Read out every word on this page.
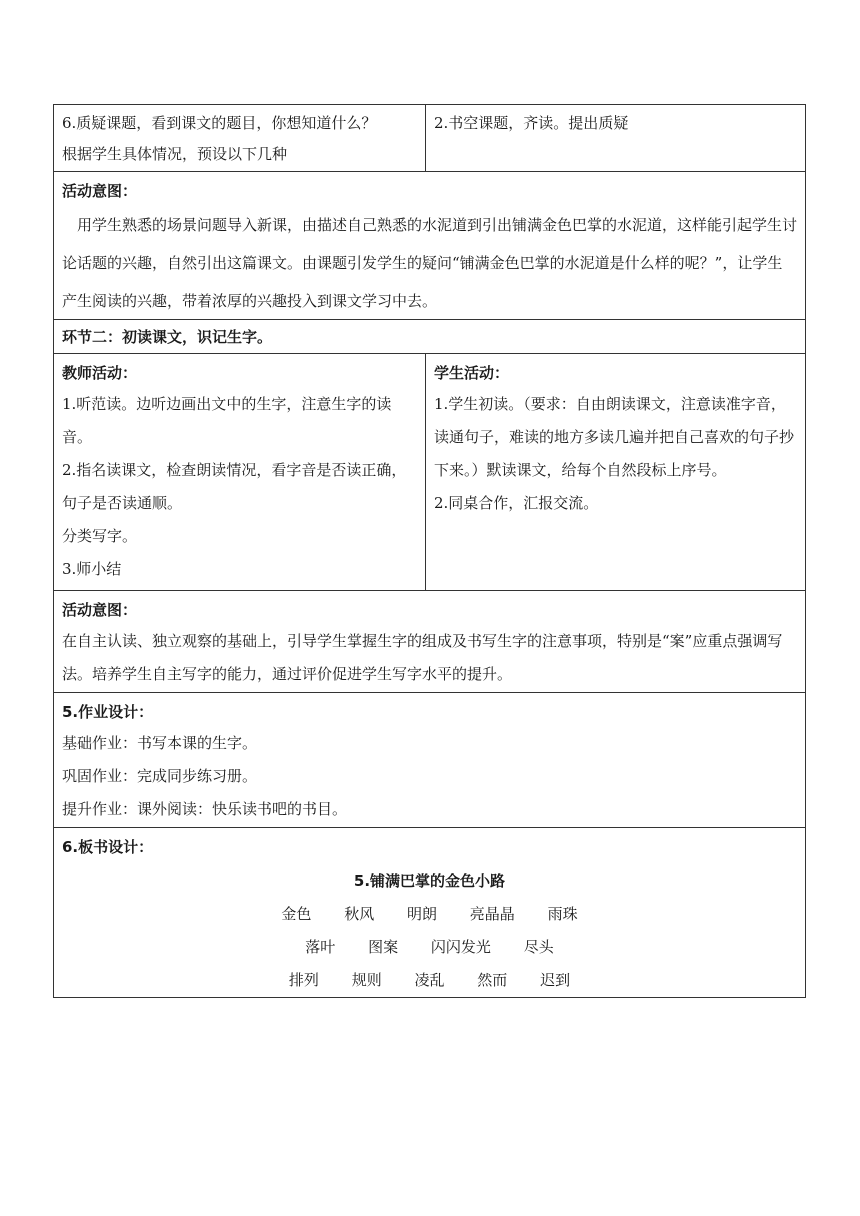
6.质疑课题，看到课文的题目，你想知道什么？

根据学生具体情况，预设以下几种

2.书空课题，齐读。提出质疑

活动意图：

用学生熟悉的场景问题导入新课，由描述自己熟悉的水泥道到引出铺满金色巴掌的水泥道，这样能引起学生讨论话题的兴趣，自然引出这篇课文。由课题引发学生的疑问“铺满金色巴掌的水泥道是什么样的呢？”，让学生产生阅读的兴趣，带着浓厚的兴趣投入到课文学习中去。

环节二：初读课文，识记生字。

教师活动：

1.听范读。边听边画出文中的生字，注意生字的读音。

2.指名读课文，检查朗读情况，看字音是否读正确，句子是否读通顺。

分类写字。

3.师小结

学生活动：

1.学生初读。（要求：自由朗读课文，注意读准字音，读通句子，难读的地方多读几遍并把自己喜欢的句子抄下来。）默读课文，给每个自然段标上序号。

2.同桌合作，汇报交流。

活动意图：

在自主认读、独立观察的基础上，引导学生掌握生字的组成及书写生字的注意事项，特别是“案”应重点强调写法。培养学生自主写字的能力，通过评价促进学生写字水平的提升。

5.作业设计：

基础作业：书写本课的生字。

巩固作业：完成同步练习册。

提升作业：课外阅读：快乐读书吧的书目。

6.板书设计：

5.铺满巴掌的金色小路
金色 秋风 明朗 亮晶晶 雨珠
落叶 图案 闪闪发光 尽头
排列 规则 凌乱 然而 迟到
